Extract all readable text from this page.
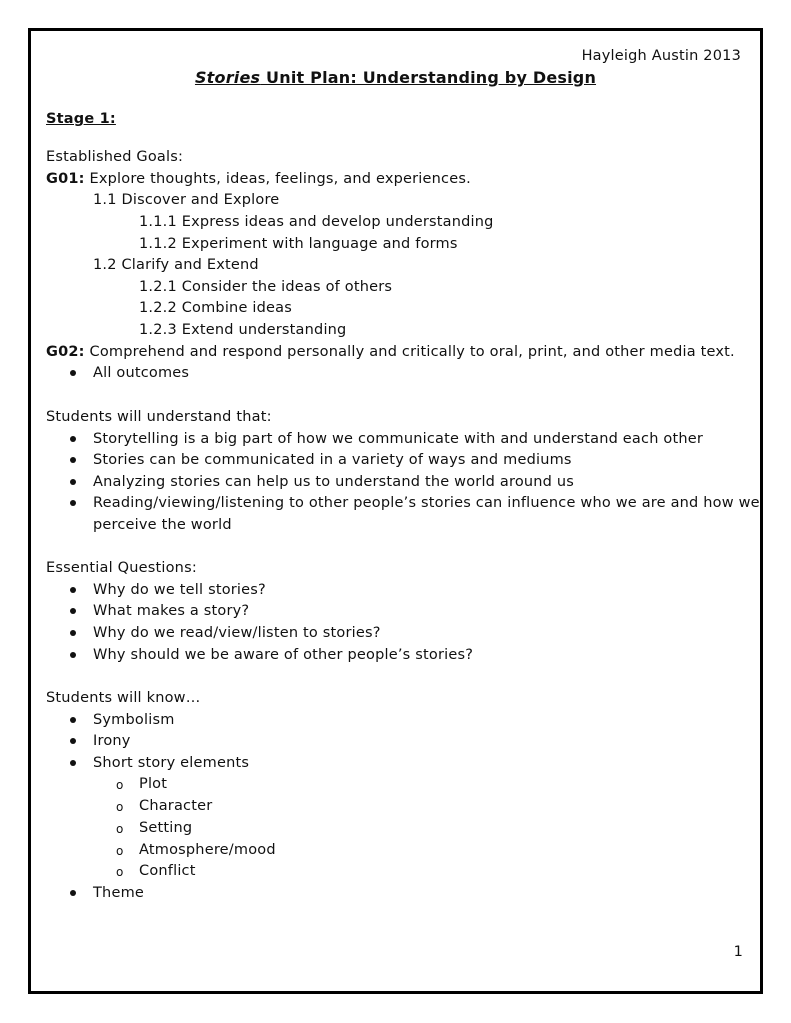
Hayleigh Austin 2013
Stories Unit Plan: Understanding by Design
Stage 1:
Established Goals:
G01: Explore thoughts, ideas, feelings, and experiences.
1.1 Discover and Explore
1.1.1 Express ideas and develop understanding
1.1.2 Experiment with language and forms
1.2 Clarify and Extend
1.2.1 Consider the ideas of others
1.2.2 Combine ideas
1.2.3 Extend understanding
G02: Comprehend and respond personally and critically to oral, print, and other media text.
All outcomes
Students will understand that:
Storytelling is a big part of how we communicate with and understand each other
Stories can be communicated in a variety of ways and mediums
Analyzing stories can help us to understand the world around us
Reading/viewing/listening to other people’s stories can influence who we are and how we
perceive the world
Essential Questions:
Why do we tell stories?
What makes a story?
Why do we read/view/listen to stories?
Why should we be aware of other people’s stories?
Students will know…
Symbolism
Irony
Short story elements
o Plot
o Character
o Setting
o Atmosphere/mood
o Conflict
Theme
1
